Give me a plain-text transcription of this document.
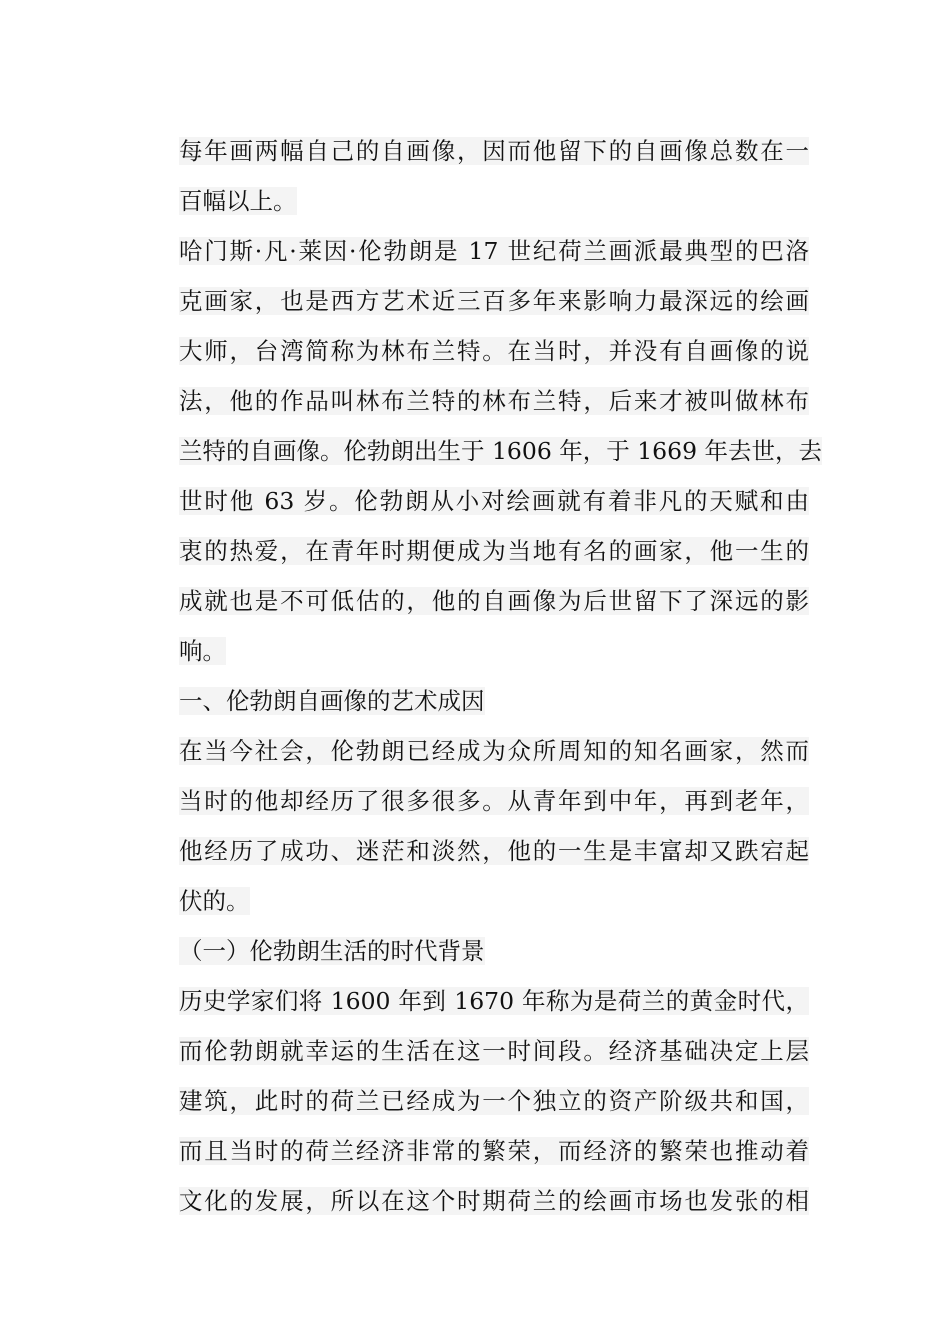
每年画两幅自己的自画像，因而他留下的自画像总数在一
百幅以上。
哈门斯·凡·莱因·伦勃朗是 17 世纪荷兰画派最典型的巴洛
克画家，也是西方艺术近三百多年来影响力最深远的绘画
大师，台湾简称为林布兰特。在当时，并没有自画像的说
法，他的作品叫林布兰特的林布兰特，后来才被叫做林布
兰特的自画像。伦勃朗出生于 1606 年，于 1669 年去世，去
世时他 63 岁。伦勃朗从小对绘画就有着非凡的天赋和由
衷的热爱，在青年时期便成为当地有名的画家，他一生的
成就也是不可低估的，他的自画像为后世留下了深远的影
响。
一、伦勃朗自画像的艺术成因
在当今社会，伦勃朗已经成为众所周知的知名画家，然而
当时的他却经历了很多很多。从青年到中年，再到老年，
他经历了成功、迷茫和淡然，他的一生是丰富却又跌宕起
伏的。
（一）伦勃朗生活的时代背景
历史学家们将 1600 年到 1670 年称为是荷兰的黄金时代，
而伦勃朗就幸运的生活在这一时间段。经济基础决定上层
建筑，此时的荷兰已经成为一个独立的资产阶级共和国，
而且当时的荷兰经济非常的繁荣，而经济的繁荣也推动着
文化的发展，所以在这个时期荷兰的绘画市场也发张的相
